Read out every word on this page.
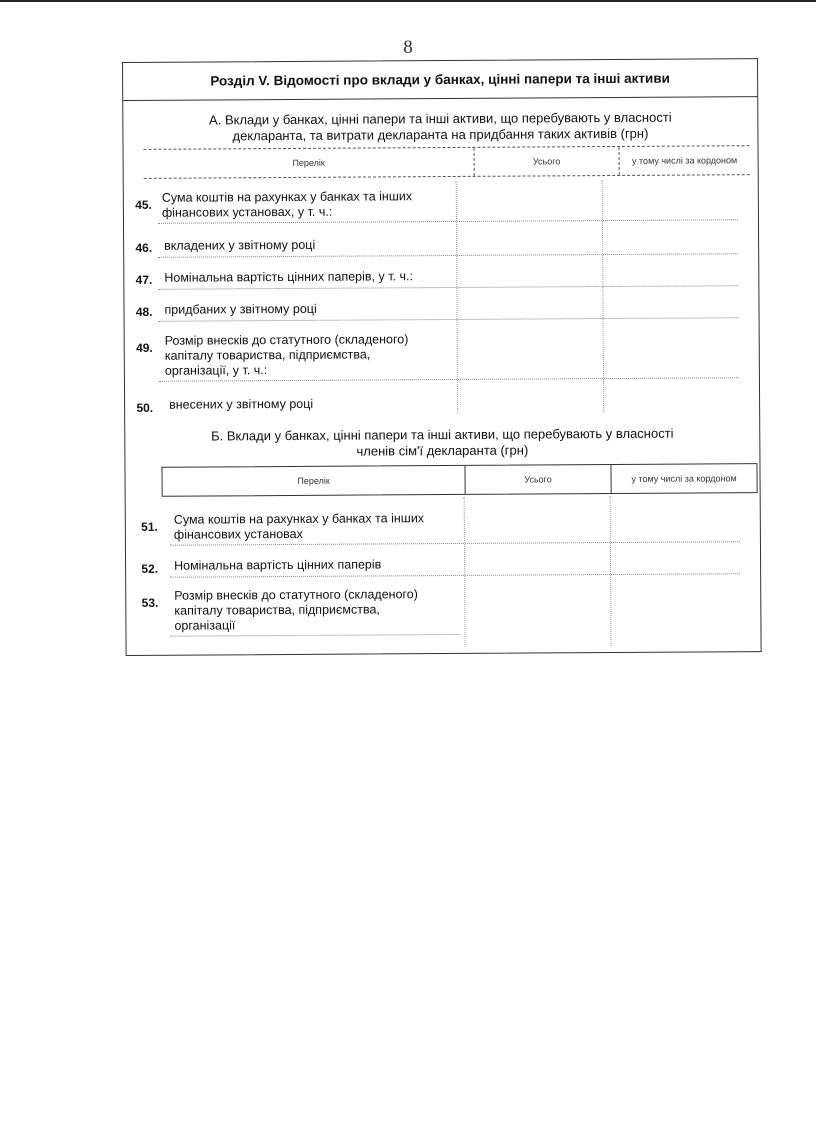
8
Розділ V. Відомості про вклади у банках, цінні папери та інші активи
А. Вклади у банках, цінні папери та інші активи, що перебувають у власності
декларанта, та витрати декларанта на придбання таких активів (грн)
Перелік	Усього	у тому числі за кордоном
45.
Сума коштів на рахунках у банках та інших
фінансових установах, у т. ч.:
46. вкладених у звітному році
47. Номінальна вартість цінних паперів, у т. ч.:
48. придбаних у звітному році
49.
Розмір внесків до статутного (складеного)
капіталу товариства, підприємства,
організації, у т. ч.:
50. внесених у звітному році
Б. Вклади у банках, цінні папери та інші активи, що перебувають у власності
членів сім'ї декларанта (грн)
Перелік	Усього	у тому числі за кордоном
51.
Сума коштів на рахунках у банках та інших
фінансових установах
52. Номінальна вартість цінних паперів
53.
Розмір внесків до статутного (складеного)
капіталу товариства, підприємства,
організації
